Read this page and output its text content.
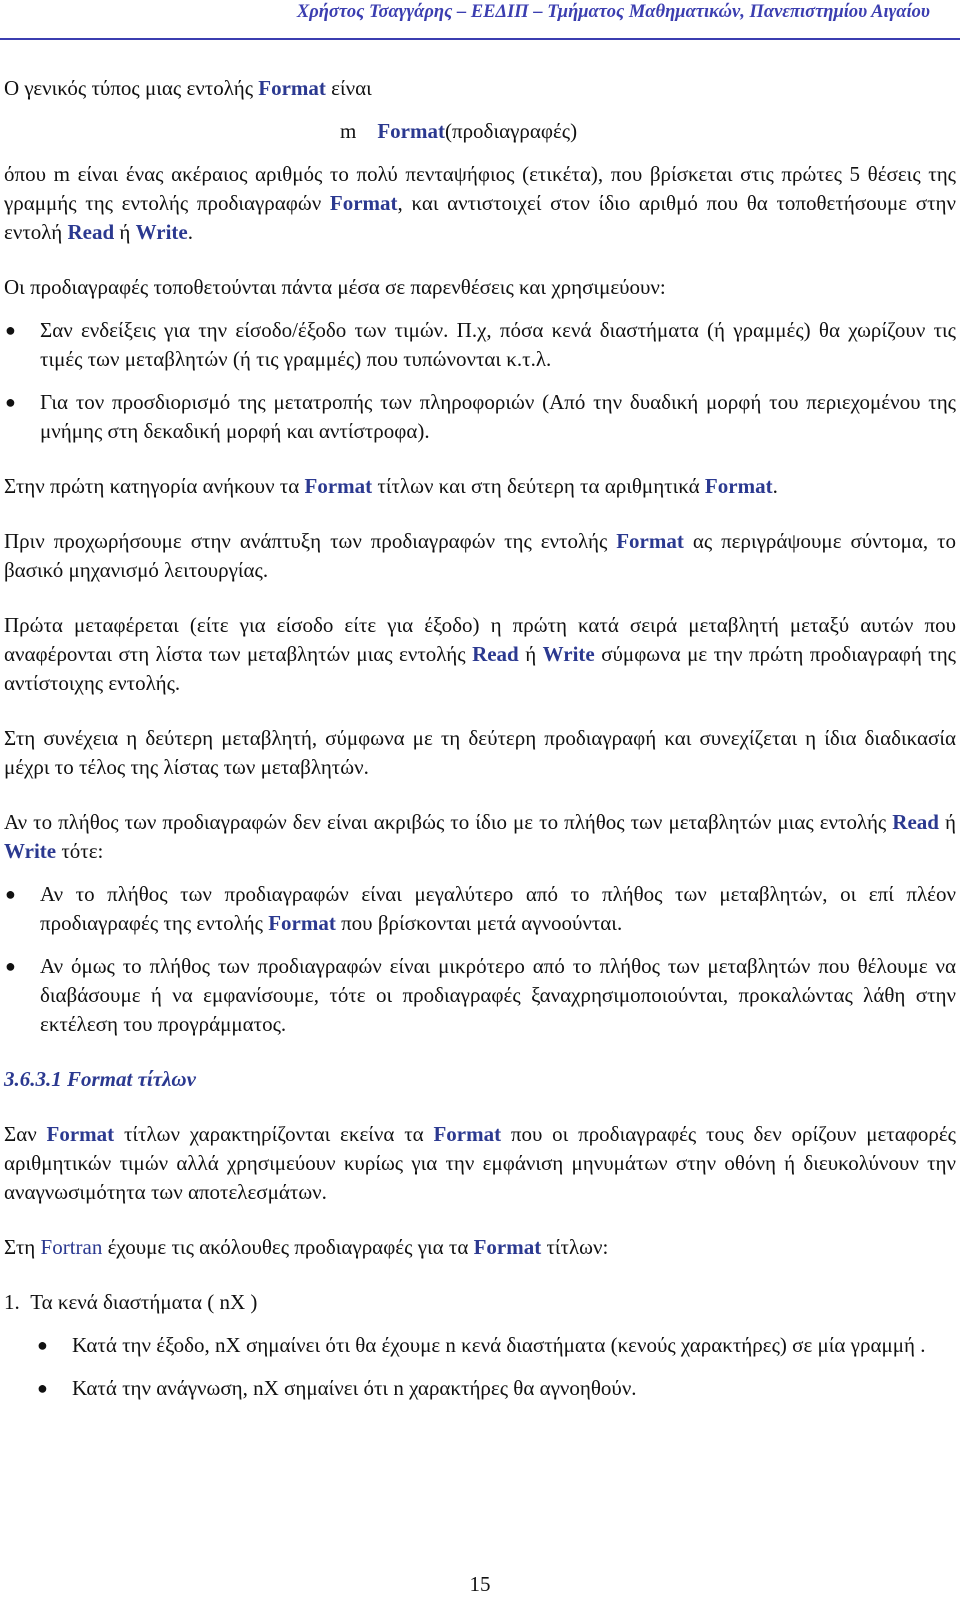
Χρήστος Τσαγγάρης – ΕΕΔΙΠ – Τμήματος Μαθηματικών, Πανεπιστημίου Αιγαίου

Ο γενικός τύπος μιας εντολής Format είναι

m Format(προδιαγραφές)

όπου m είναι ένας ακέραιος αριθμός το πολύ πενταψήφιος (ετικέτα), που βρίσκεται στις πρώτες 5 θέσεις της γραμμής της εντολής προδιαγραφών Format, και αντιστοιχεί στον ίδιο αριθμό που θα τοποθετήσουμε στην εντολή Read ή Write.

Οι προδιαγραφές τοποθετούνται πάντα μέσα σε παρενθέσεις και χρησιμεύουν:

● Σαν ενδείξεις για την είσοδο/έξοδο των τιμών. Π.χ, πόσα κενά διαστήματα (ή γραμμές) θα χωρίζουν τις τιμές των μεταβλητών (ή τις γραμμές) που τυπώνονται κ.τ.λ.
● Για τον προσδιορισμό της μετατροπής των πληροφοριών (Από την δυαδική μορφή του περιεχομένου της μνήμης στη δεκαδική μορφή και αντίστροφα).

Στην πρώτη κατηγορία ανήκουν τα Format τίτλων και στη δεύτερη τα αριθμητικά Format.

Πριν προχωρήσουμε στην ανάπτυξη των προδιαγραφών της εντολής Format ας περιγράψουμε σύντομα, το βασικό μηχανισμό λειτουργίας.

Πρώτα μεταφέρεται (είτε για είσοδο είτε για έξοδο) η πρώτη κατά σειρά μεταβλητή μεταξύ αυτών που αναφέρονται στη λίστα των μεταβλητών μιας εντολής Read ή Write σύμφωνα με την πρώτη προδιαγραφή της αντίστοιχης εντολής.

Στη συνέχεια η δεύτερη μεταβλητή, σύμφωνα με τη δεύτερη προδιαγραφή και συνεχίζεται η ίδια διαδικασία μέχρι το τέλος της λίστας των μεταβλητών.

Αν το πλήθος των προδιαγραφών δεν είναι ακριβώς το ίδιο με το πλήθος των μεταβλητών μιας εντολής Read ή Write τότε:

● Αν το πλήθος των προδιαγραφών είναι μεγαλύτερο από το πλήθος των μεταβλητών, οι επί πλέον προδιαγραφές της εντολής Format που βρίσκονται μετά αγνοούνται.
● Αν όμως το πλήθος των προδιαγραφών είναι μικρότερο από το πλήθος των μεταβλητών που θέλουμε να διαβάσουμε ή να εμφανίσουμε, τότε οι προδιαγραφές ξαναχρησιμοποιούνται, προκαλώντας λάθη στην εκτέλεση του προγράμματος.

3.6.3.1 Format τίτλων

Σαν Format τίτλων χαρακτηρίζονται εκείνα τα Format που οι προδιαγραφές τους δεν ορίζουν μεταφορές αριθμητικών τιμών αλλά χρησιμεύουν κυρίως για την εμφάνιση μηνυμάτων στην οθόνη ή διευκολύνουν την αναγνωσιμότητα των αποτελεσμάτων.

Στη Fortran έχουμε τις ακόλουθες προδιαγραφές για τα Format τίτλων:

1. Τα κενά διαστήματα ( nX )

● Κατά την έξοδο, nX σημαίνει ότι θα έχουμε n κενά διαστήματα (κενούς χαρακτήρες) σε μία γραμμή .
● Κατά την ανάγνωση, nX σημαίνει ότι n χαρακτήρες θα αγνοηθούν.
15
